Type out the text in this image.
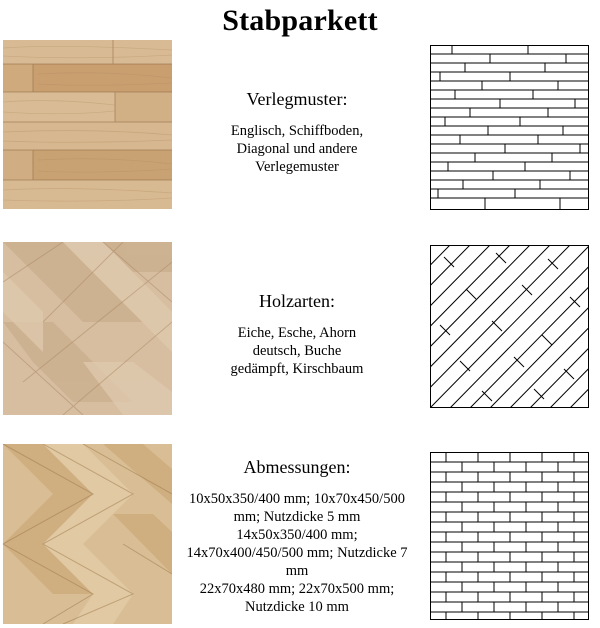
Stabparkett
Verlegmuster:
Englisch, Schiffboden,
Diagonal und andere
Verlegemuster
Holzarten:
Eiche, Esche, Ahorn
deutsch, Buche
gedämpft, Kirschbaum
Abmessungen:
10x50x350/400 mm; 10x70x450/500
mm; Nutzdicke 5 mm
14x50x350/400 mm;
14x70x400/450/500 mm; Nutzdicke 7
mm
22x70x480 mm; 22x70x500 mm;
Nutzdicke 10 mm
